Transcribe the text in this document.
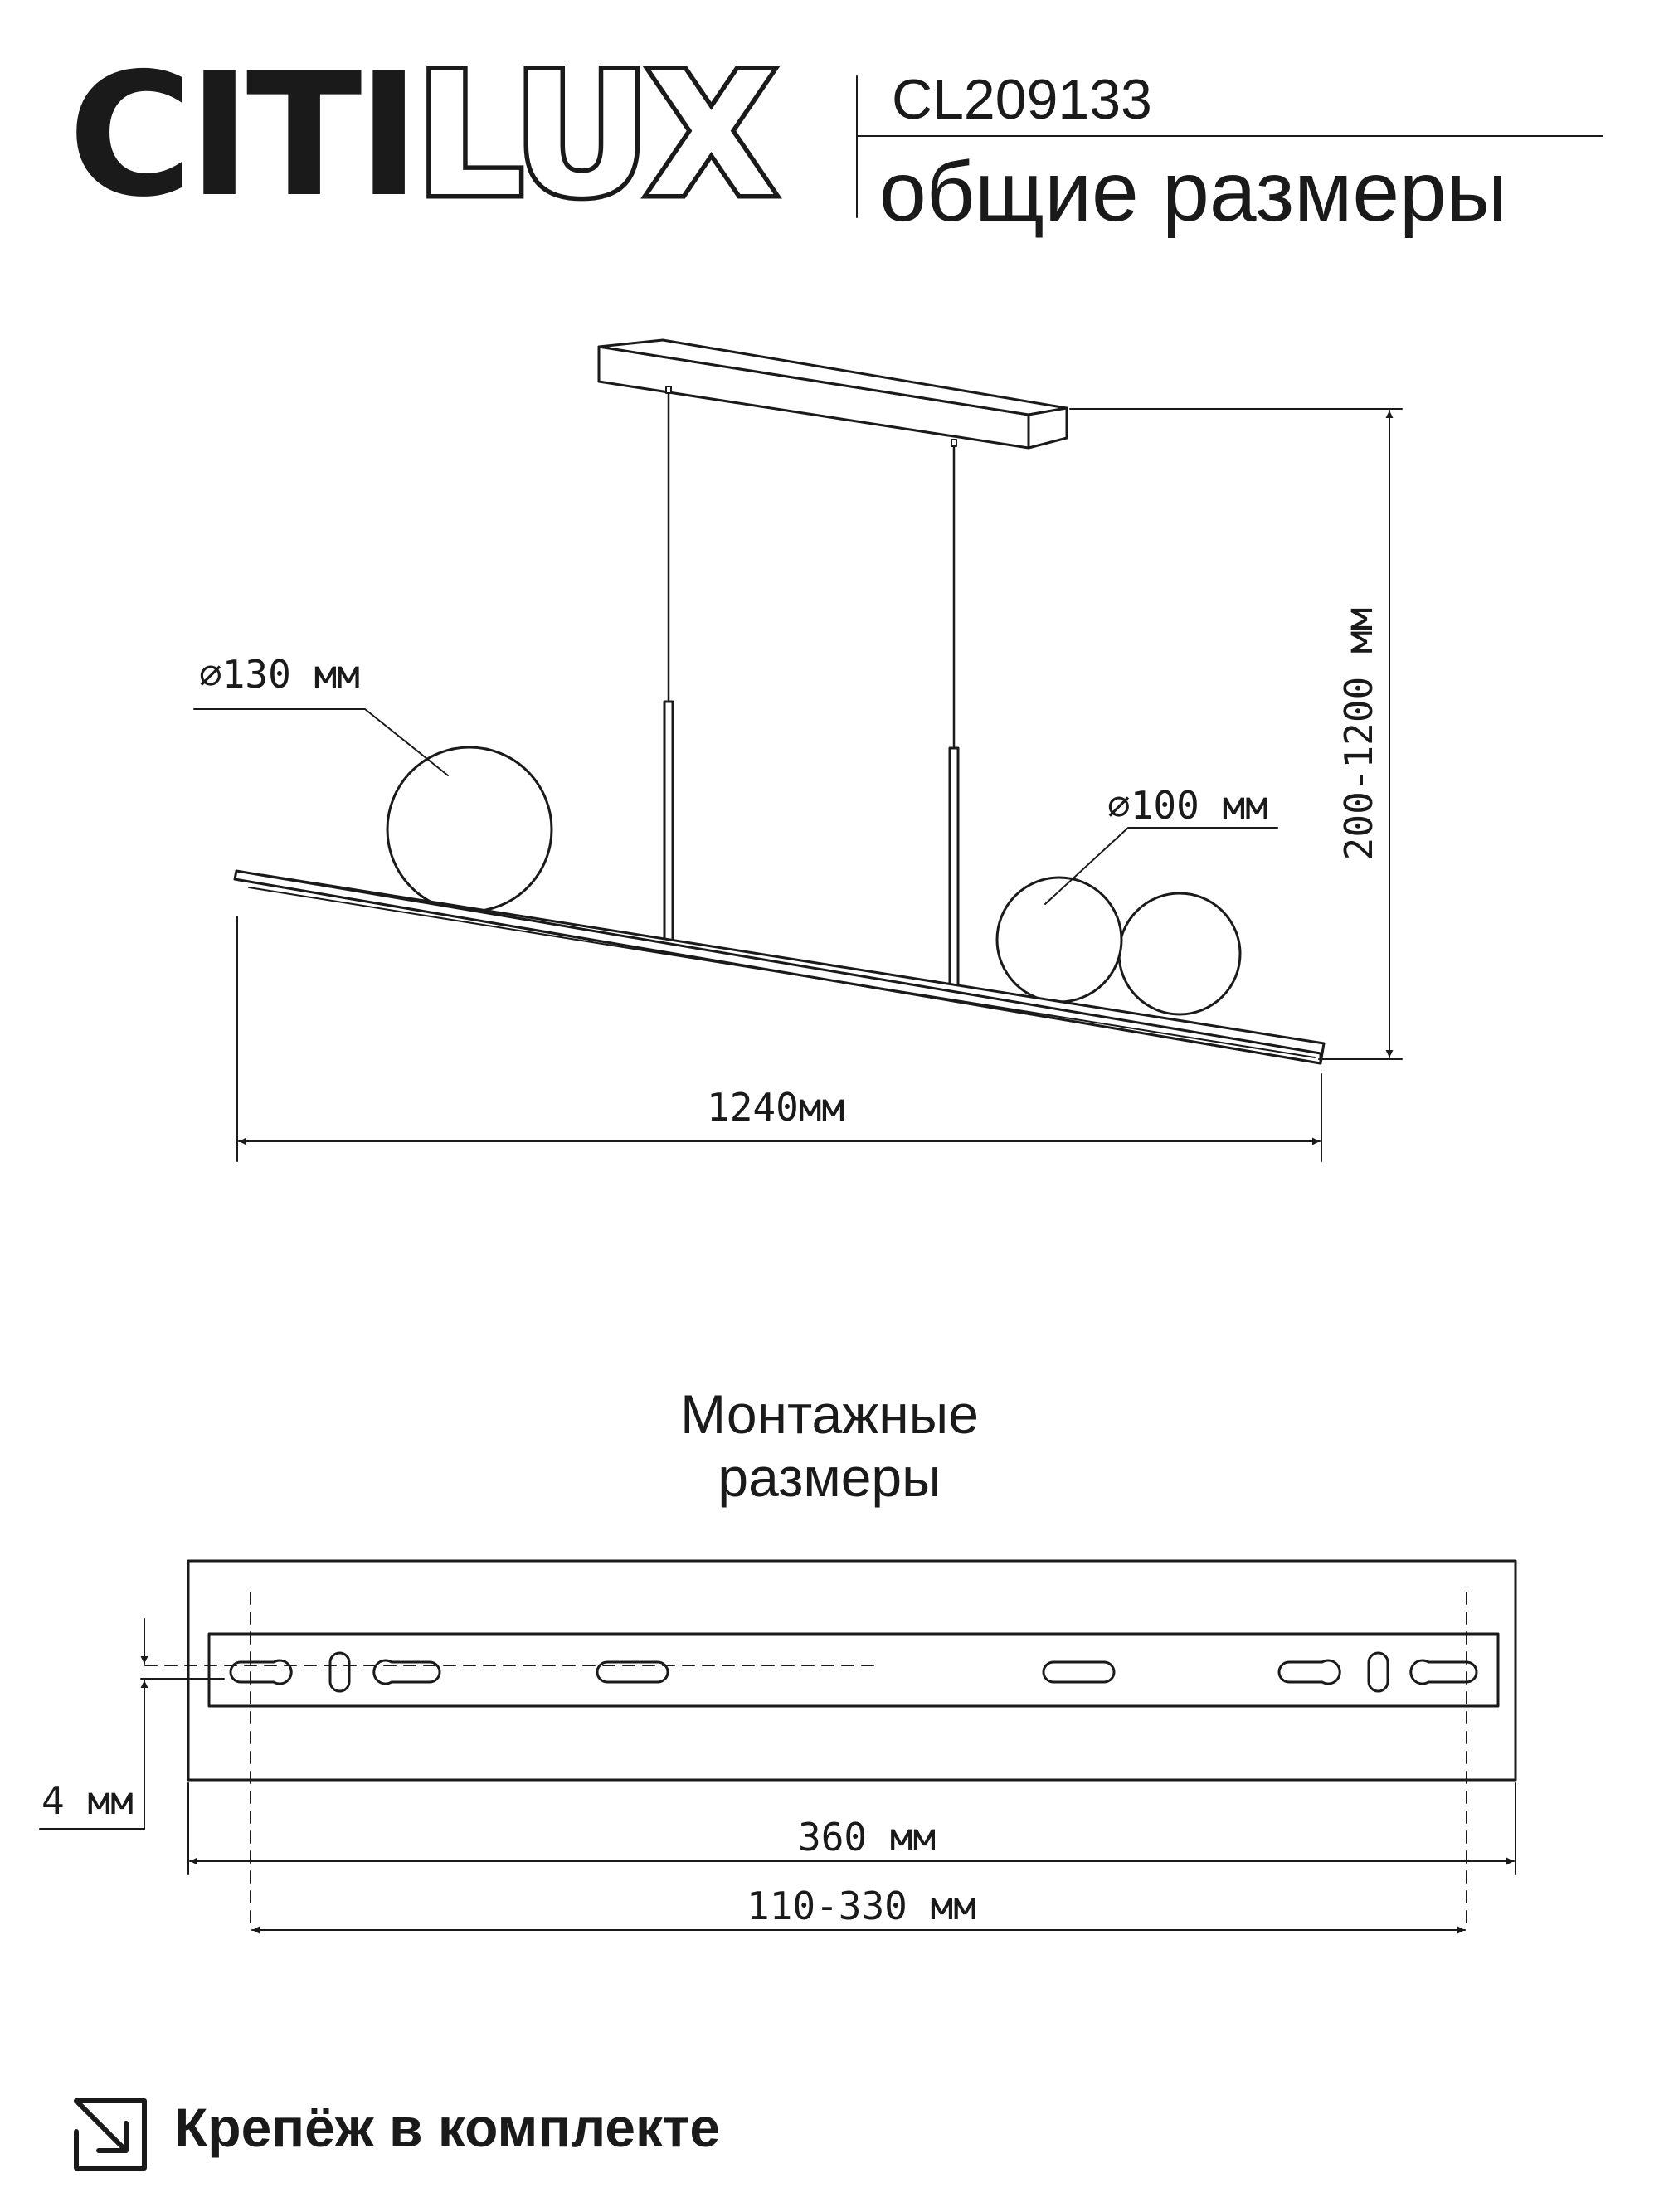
CITILUX CL209133
общие размеры
∅130 мм
∅100 мм 200-1200 мм
1240мм
Монтажные
размеры
4 мм
360 мм
110-330 мм
Крепёж в комплекте
